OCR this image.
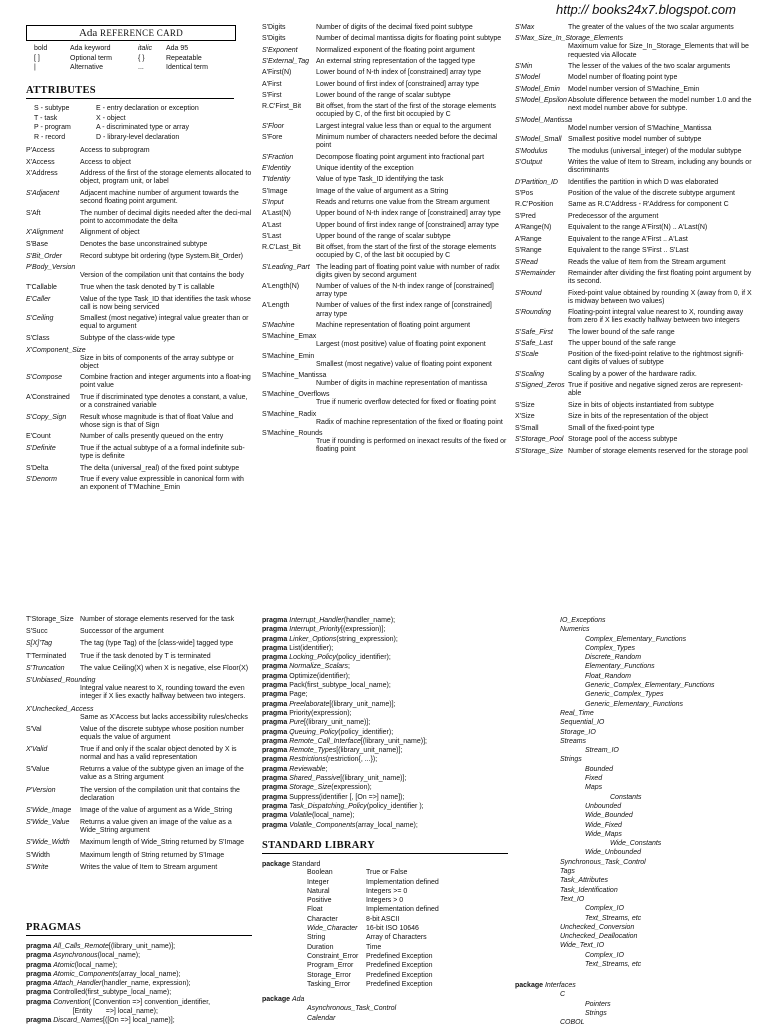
http:// books24x7.blogspot.com
Ada REFERENCE CARD
bold	Ada keyword	italic Ada 95
[ ]	Optional term	{ }	Repeatable
|	Alternative	...	Identical term
ATTRIBUTES
S - subtype	E - entry declaration or exception
T - task	X - object
P - program	A - discriminated type or array
R - record	D - library-level declaration
P'Access	Access to subprogram
X'Access	Access to object
X'Address	Address of the first of the storage elements allocated to object, program unit, or label
S'Adjacent	Adjacent machine number of argument towards the second floating point argument.
S'Aft	The number of decimal digits needed after the deci-mal point to accommodate the delta
X'Alignment	Alignment of object
S'Base	Denotes the base unconstrained subtype
S'Bit_Order	Record subtype bit ordering (type System.Bit_Order)
P'Body_Version
Version of the compilation unit that contains the body
T'Callable	True when the task denoted by T is callable
E'Caller	Value of the type Task_ID that identifies the task whose call is now being serviced
S'Ceiling	Smallest (most negative) integral value greater than or equal to argument
S'Class	Subtype of the class-wide type
X'Component_Size
Size in bits of components of the array subtype or object
S'Compose	Combine fraction and integer arguments into a float-ing point value
A'Constrained	True if discriminated type denotes a constant, a value, or a constrained variable
S'Copy_Sign	Result whose magnitude is that of float Value and whose sign is that of Sign
E'Count	Number of calls presently queued on the entry
S'Definite	True if the actual subtype of a a formal indefinite sub-type is definite
S'Delta	The delta (universal_real) of the fixed point subtype
S'Denorm	True if every value expressible in canonical form with an exponent of T'Machine_Emin
S'Digits	Number of digits of the decimal fixed point subtype
S'Digits	Number of decimal mantissa digits for floating point subtype
S'Exponent	Normalized exponent of the floating point argument
S'External_Tag	An external string representation of the tagged type
A'First(N)	Lower bound of N-th index of [constrained] array type
A'First	Lower bound of first index of [constrained] array type
S'First	Lower bound of the range of scalar subtype
R.C'First_Bit	Bit offset, from the start of the first of the storage elements occupied by C, of the first bit occupied by C
S'Floor	Largest integral value less than or equal to the argument
S'Fore	Minimum number of characters needed before the decimal point
S'Fraction	Decompose floating point argument into fractional part
E'Identity	Unique identity of the exception
T'Identity	Value of type Task_ID identifying the task
S'Image	Image of the value of argument as a String
S'Input	Reads and returns one value from the Stream argument
A'Last(N)	Upper bound of N-th index range of [constrained] array type
A'Last	Upper bound of first index range of [constrained] array type
S'Last	Upper bound of the range of scalar subtype
R.C'Last_Bit	Bit offset, from the start of the first of the storage elements occupied by C, of the last bit occupied by C
S'Leading_Part The leading part of floating point value with number of radix digits given by second argument
A'Length(N)	Number of values of the N-th index range of [constrained] array type
A'Length	Number of values of the first index range of [constrained] array type
S'Machine	Machine representation of floating point argument
S'Machine_Emax
Largest (most positive) value of floating point exponent
S'Machine_Emin
Smallest (most negative) value of floating point exponent
S'Machine_Mantissa
Number of digits in machine representation of mantissa
S'Machine_Overflows
True if numeric overflow detected for fixed or floating point
S'Machine_Radix
Radix of machine representation of the fixed or floating point
S'Machine_Rounds
True if rounding is performed on inexact results of the fixed or floating point
S'Max	The greater of the values of the two scalar arguments
S'Max_Size_In_Storage_Elements
Maximum value for Size_In_Storage_Elements that will be requested via Allocate
S'Min	The lesser of the values of the two scalar arguments
S'Model	Model number of floating point type
S'Model_Emin	Model number version of S'Machine_Emin
S'Model_Epsilon Absolute difference between the model number 1.0 and the next model number above for subtype.
S'Model_Mantissa
Model number version of S'Machine_Mantissa
S'Model_Small Smallest positive model number of subtype
S'Modulus	The modulus (universal_integer) of the modular subtype
S'Output	Writes the value of Item to Stream, including any bounds or discriminants
D'Partition_ID	Identifies the partition in which D was elaborated
S'Pos	Position of the value of the discrete subtype argument
R.C'Position	Same as R.C'Address - R'Address for component C
S'Pred	Predecessor of the argument
A'Range(N)	Equivalent to the range A'First(N) .. A'Last(N)
A'Range	Equivalent to the range A'First .. A'Last
S'Range	Equivalent to the range S'First .. S'Last
S'Read	Reads the value of Item from the Stream argument
S'Remainder	Remainder after dividing the first floating point argument by its second.
S'Round	Fixed-point value obtained by rounding X (away from 0, if X is midway between two values)
S'Rounding	Floating-point integral value nearest to X, rounding away from zero if X lies exactly halfway between two integers
S'Safe_First	The lower bound of the safe range
S'Safe_Last	The upper bound of the safe range
S'Scale	Position of the fixed-point relative to the rightmost signifi-cant digits of values of subtype
S'Scaling	Scaling by a power of the hardware radix.
S'Signed_Zeros True if positive and negative signed zeros are represent-able
S'Size	Size in bits of objects instantiated from subtype
X'Size	Size in bits of the representation of the object
S'Small	Small of the fixed-point type
S'Storage_Pool Storage pool of the access subtype
S'Storage_Size Number of storage elements reserved for the storage pool
T'Storage_Size Number of storage elements reserved for the task
S'Succ	Successor of the argument
S[X]'Tag	The tag (type Tag) of the [class-wide] tagged type
T'Terminated	True if the task denoted by T is terminated
S'Truncation	The value Ceiling(X) when X is negative, else Floor(X)
S'Unbiased_Rounding
Integral value nearest to X, rounding toward the even integer if X lies exactly halfway between two integers.
X'Unchecked_Access
Same as X'Access but lacks accessibility rules/checks
S'Val	Value of the discrete subtype whose position number equals the value of argument
X'Valid	True if and only if the scalar object denoted by X is normal and has a valid representation
S'Value	Returns a value of the subtype given an image of the value as a String argument
P'Version	The version of the compilation unit that contains the declaration
S'Wide_Image	Image of the value of argument as a Wide_String
S'Wide_Value	Returns a value given an image of the value as a Wide_String argument
S'Wide_Width	Maximum length of Wide_String returned by S'Image
S'Width	Maximum length of String returned by S'Image
S'Write	Writes the value of Item to Stream argument
PRAGMAS
pragma All_Calls_Remote[(library_unit_name)];
pragma Asynchronous(local_name);
pragma Atomic(local_name);
pragma Atomic_Components(array_local_name);
pragma Attach_Handler(handler_name, expression);
pragma Controlled(first_subtype_local_name);
pragma Convention( [Convention =>] convention_identifier,
[Entity       =>] local_name);
pragma Discard_Names[([On =>] local_name)];
pragma Interrupt_Handler(handler_name);
pragma Interrupt_Priority[(expression)];
pragma Linker_Options(string_expression);
pragma List(identifier);
pragma Locking_Policy(policy_identifier);
pragma Normalize_Scalars;
pragma Optimize(identifier);
pragma Pack(first_subtype_local_name);
pragma Page;
pragma Preelaborate[(library_unit_name)];
pragma Priority(expression);
pragma Pure[(library_unit_name)];
pragma Queuing_Policy(policy_identifier);
pragma Remote_Call_Interface[(library_unit_name)];
pragma Remote_Types[(library_unit_name)];
pragma Restrictions(restriction{, ...});
pragma Reviewable;
pragma Shared_Passive[(library_unit_name)];
pragma Storage_Size(expression);
pragma Suppress(identifier [, [On =>] name]);
pragma Task_Dispatching_Policy(policy_identifier );
pragma Volatile(local_name);
pragma Volatile_Components(array_local_name);
STANDARD LIBRARY
package Standard
Boolean	True or False
Integer	Implementation defined
Natural	Integers >= 0
Positive	Integers > 0
Float	Implementation defined
Character	8-bit ASCII
Wide_Character 16-bit ISO 10646
String	Array of Characters
Duration	Time
Constraint_Error Predefined Exception
Program_Error Predefined Exception
Storage_Error Predefined Exception
Tasking_Error Predefined Exception
package Ada
Asynchronous_Task_Control
Calendar
IO_Exceptions
Numerics
Complex_Elementary_Functions
Complex_Types
Discrete_Random
Elementary_Functions
Float_Random
Generic_Complex_Elementary_Functions
Generic_Complex_Types
Generic_Elementary_Functions
Real_Time
Sequential_IO
Storage_IO
Streams
Stream_IO
Strings
Bounded
Fixed
Maps
Constants
Unbounded
Wide_Bounded
Wide_Fixed
Wide_Maps
Wide_Constants
Wide_Unbounded
Synchronous_Task_Control
Tags
Task_Attributes
Task_Identification
Text_IO
Complex_IO
Text_Streams, etc
Unchecked_Conversion
Unchecked_Deallocation
Wide_Text_IO
Complex_IO
Text_Streams, etc
package Interfaces
C
Pointers
Strings
COBOL
